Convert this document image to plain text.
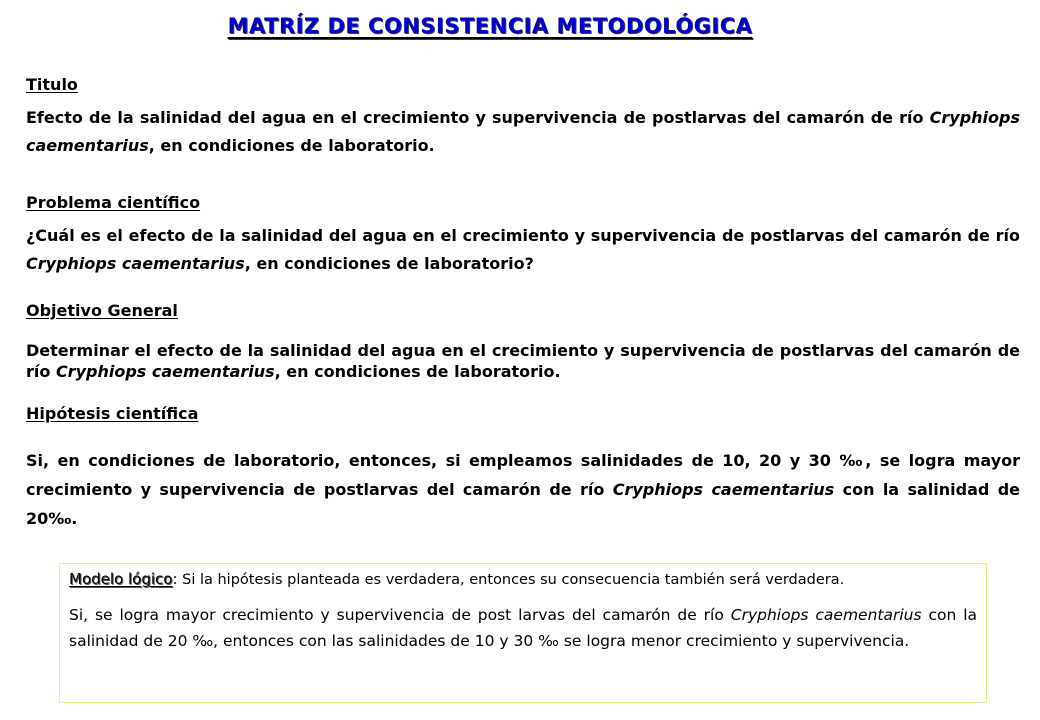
MATRÍZ DE CONSISTENCIA METODOLÓGICA
Titulo
Efecto de la salinidad del agua en el crecimiento y supervivencia de postlarvas del camarón de río Cryphiops caementarius, en condiciones de laboratorio.
Problema científico
¿Cuál es el efecto de la salinidad del agua en el crecimiento y supervivencia de postlarvas del camarón de río Cryphiops caementarius, en condiciones de laboratorio?
Objetivo General
Determinar el efecto de la salinidad del agua en el crecimiento y supervivencia de postlarvas del camarón de río Cryphiops caementarius, en condiciones de laboratorio.
Hipótesis científica
Si, en condiciones de laboratorio, entonces, si empleamos salinidades de 10, 20 y 30 ‰, se logra mayor crecimiento y supervivencia de postlarvas del camarón de río Cryphiops caementarius con la salinidad de 20‰.
Modelo lógico: Si la hipótesis planteada es verdadera, entonces su consecuencia también será verdadera.
Si, se logra mayor crecimiento y supervivencia de post larvas del camarón de río Cryphiops caementarius con la salinidad de 20 ‰, entonces con las salinidades de 10 y 30 ‰ se logra menor crecimiento y supervivencia.
